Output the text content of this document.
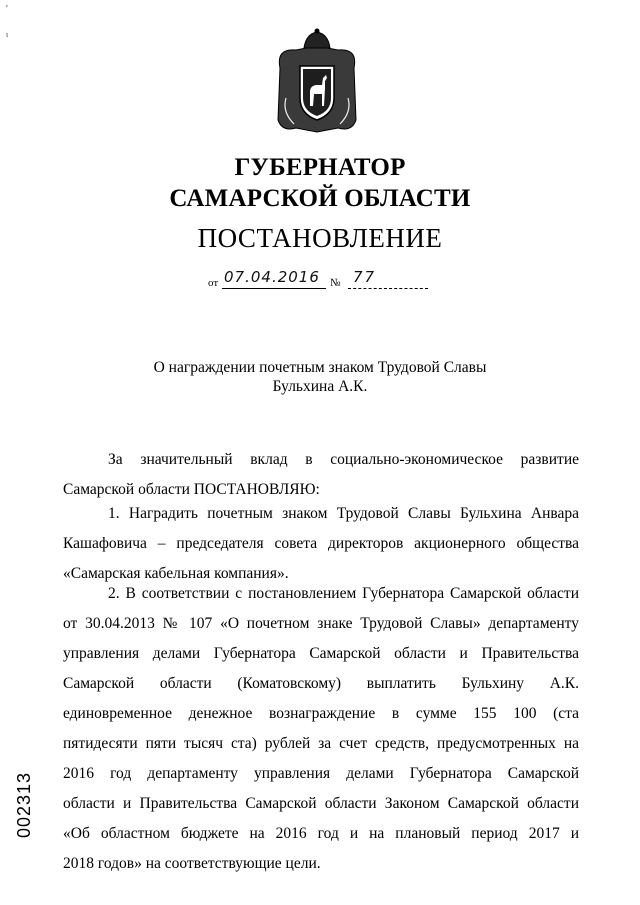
'
ι
ГУБЕРНАТОР
САМАРСКОЙ ОБЛАСТИ
ПОСТАНОВЛЕНИЕ
от 07.04.2016 № 77
О награждении почетным знаком Трудовой Славы
Бульхина А.К.
За значительный вклад в социально-экономическое развитие
Самарской области ПОСТАНОВЛЯЮ:
1. Наградить почетным знаком Трудовой Славы Бульхина Анвара
Кашафовича – председателя совета директоров акционерного общества
«Самарская кабельная компания».
2. В соответствии с постановлением Губернатора Самарской области
от 30.04.2013 № 107 «О почетном знаке Трудовой Славы» департаменту
управления делами Губернатора Самарской области и Правительства
Самарской области (Коматовскому) выплатить Бульхину А.К.
единовременное денежное вознаграждение в сумме 155 100 (ста
пятидесяти пяти тысяч ста) рублей за счет средств, предусмотренных на
2016 год департаменту управления делами Губернатора Самарской
области и Правительства Самарской области Законом Самарской области
«Об областном бюджете на 2016 год и на плановый период 2017 и
2018 годов» на соответствующие цели.
002313
